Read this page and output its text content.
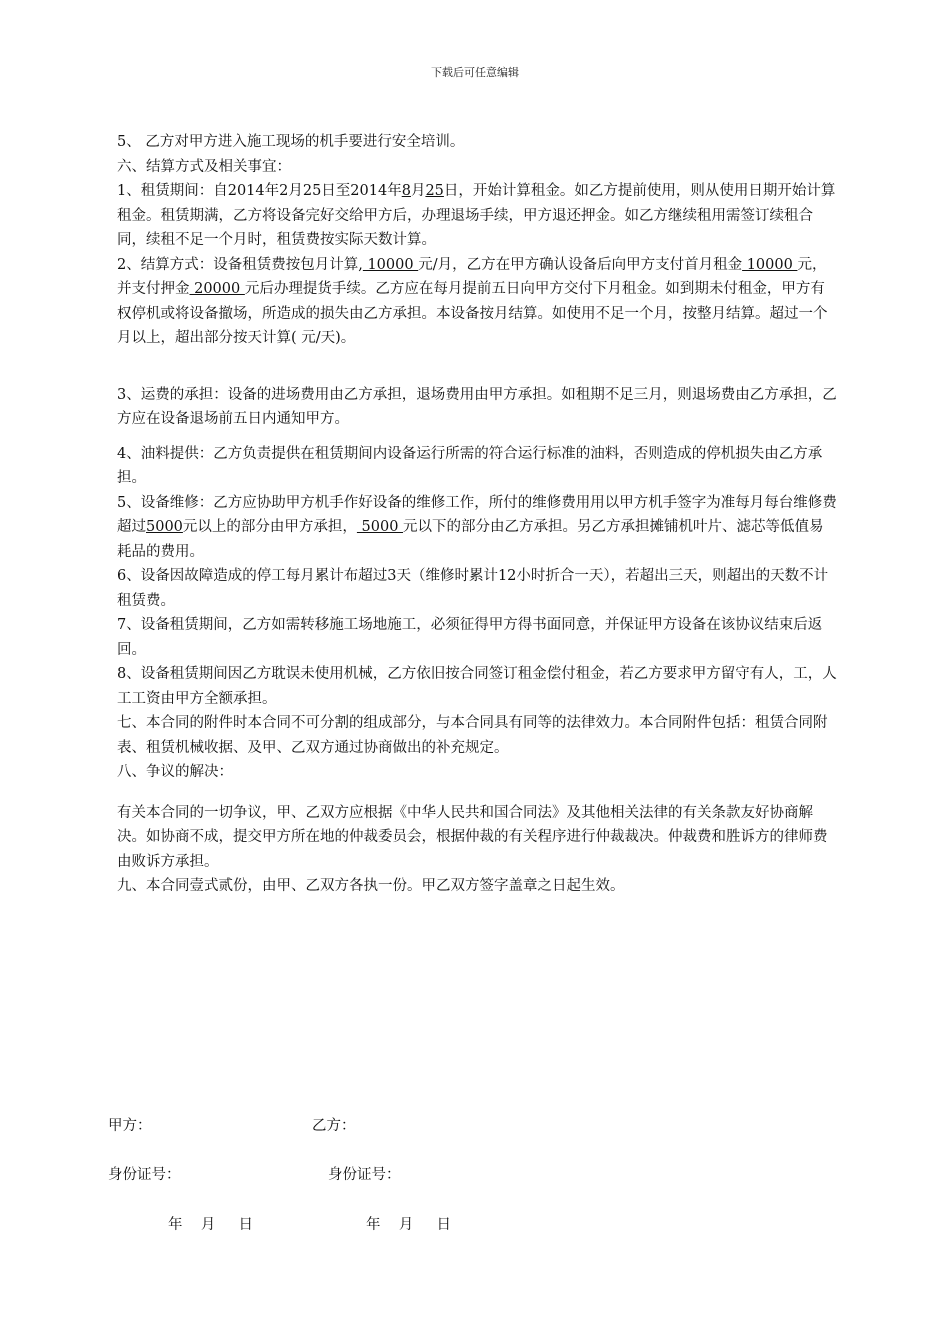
下载后可任意编辑

5、 乙方对甲方进入施工现场的机手要进行安全培训。

六、结算方式及相关事宜：

1、租赁期间：自2014年2月25日至2014年8月25日，开始计算租金。如乙方提前使用，则从使用日期开始计算租金。租赁期满，乙方将设备完好交给甲方后，办理退场手续，甲方退还押金。如乙方继续租用需签订续租合同，续租不足一个月时，租赁费按实际天数计算。

2、结算方式：设备租赁费按包月计算, 10000 元/月，乙方在甲方确认设备后向甲方支付首月租金 10000 元，并支付押金 20000 元后办理提货手续。乙方应在每月提前五日向甲方交付下月租金。如到期未付租金，甲方有权停机或将设备撤场，所造成的损失由乙方承担。本设备按月结算。如使用不足一个月，按整月结算。超过一个月以上，超出部分按天计算( 元/天)。

3、运费的承担：设备的进场费用由乙方承担，退场费用由甲方承担。如租期不足三月，则退场费由乙方承担，乙方应在设备退场前五日内通知甲方。

4、油料提供：乙方负责提供在租赁期间内设备运行所需的符合运行标准的油料，否则造成的停机损失由乙方承担。

5、设备维修：乙方应协助甲方机手作好设备的维修工作，所付的维修费用用以甲方机手签字为准每月每台维修费超过5000元以上的部分由甲方承担， 5000 元以下的部分由乙方承担。另乙方承担摊铺机叶片、滤芯等低值易耗品的费用。

6、设备因故障造成的停工每月累计布超过3天（维修时累计12小时折合一天），若超出三天，则超出的天数不计租赁费。

7、设备租赁期间，乙方如需转移施工场地施工，必须征得甲方得书面同意，并保证甲方设备在该协议结束后返回。

8、设备租赁期间因乙方耽误未使用机械，乙方依旧按合同签订租金偿付租金，若乙方要求甲方留守有人，工，人工工资由甲方全额承担。

七、本合同的附件时本合同不可分割的组成部分，与本合同具有同等的法律效力。本合同附件包括：租赁合同附表、租赁机械收据、及甲、乙双方通过协商做出的补充规定。

八、争议的解决：

有关本合同的一切争议，甲、乙双方应根据《中华人民共和国合同法》及其他相关法律的有关条款友好协商解决。如协商不成，提交甲方所在地的仲裁委员会，根据仲裁的有关程序进行仲裁裁决。仲裁费和胜诉方的律师费由败诉方承担。

九、本合同壹式贰份，由甲、乙双方各执一份。甲乙双方签字盖章之日起生效。

甲方：	乙方：
身份证号：	身份证号：
年    月     日	年    月     日
